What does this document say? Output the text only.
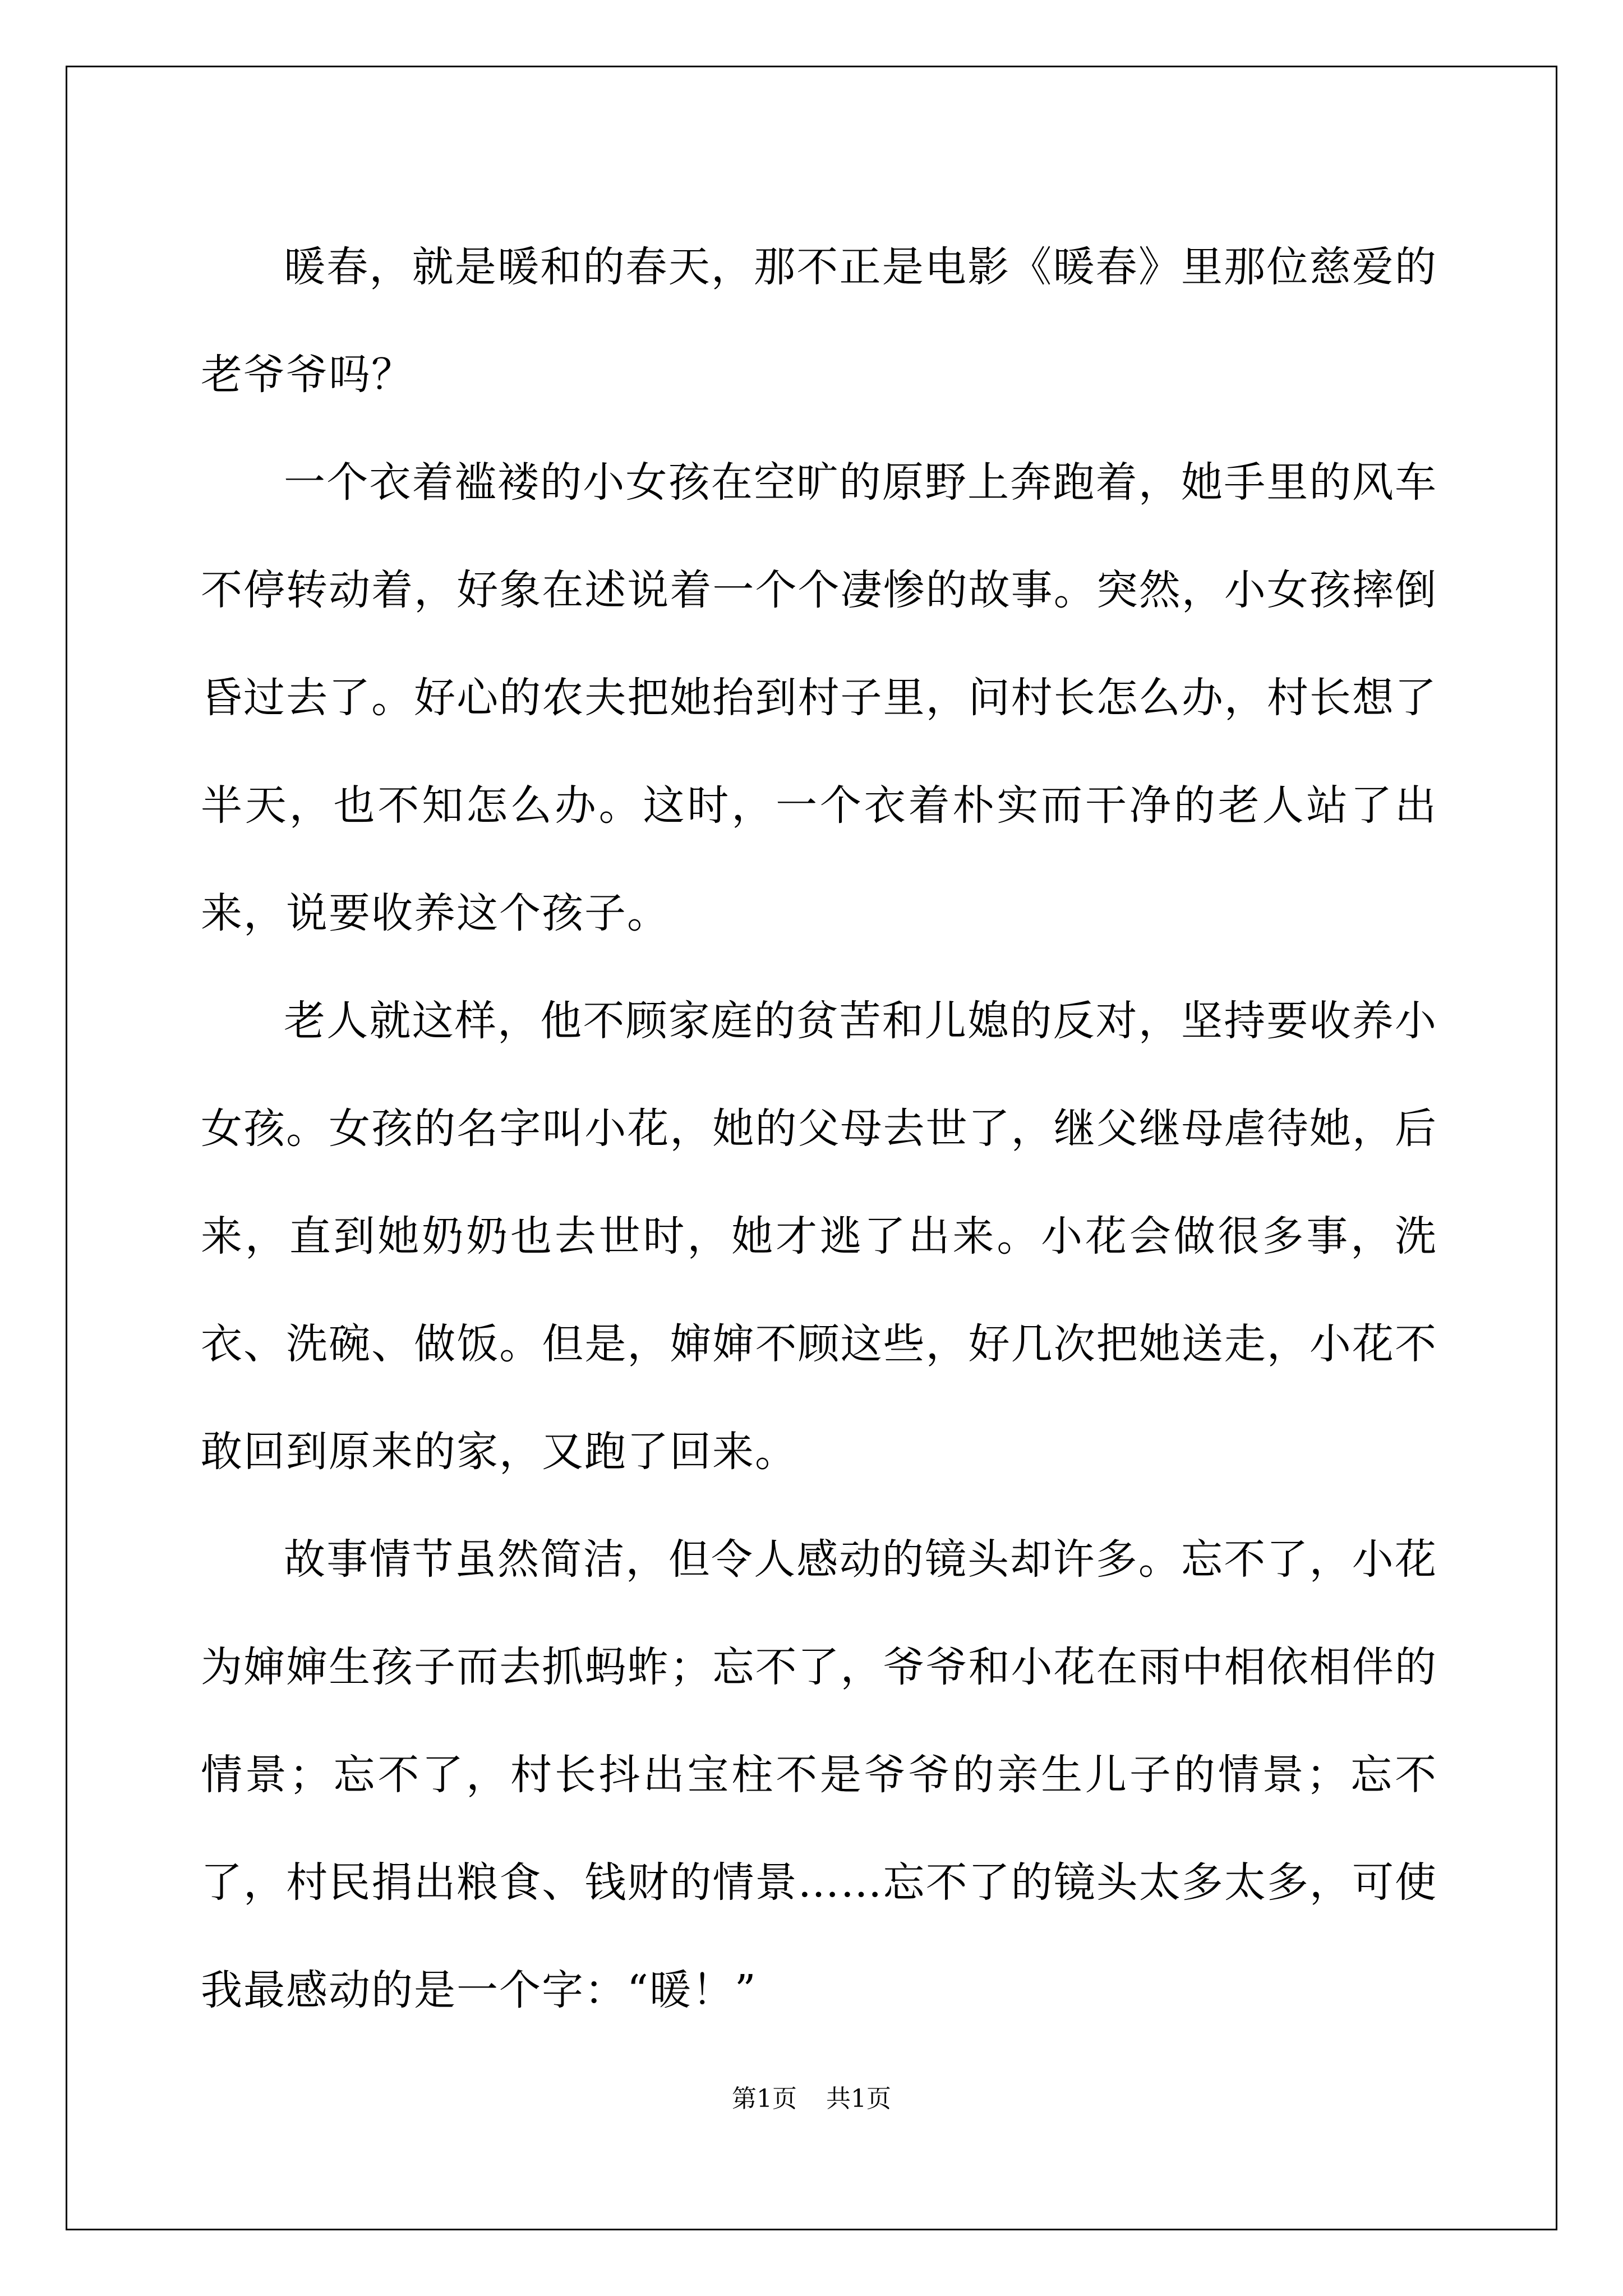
暖春，就是暖和的春天，那不正是电影《暖春》里那位慈爱的老爷爷吗？

一个衣着褴褛的小女孩在空旷的原野上奔跑着，她手里的风车不停转动着，好象在述说着一个个凄惨的故事。突然，小女孩摔倒昏过去了。好心的农夫把她抬到村子里，问村长怎么办，村长想了半天，也不知怎么办。这时，一个衣着朴实而干净的老人站了出来，说要收养这个孩子。

老人就这样，他不顾家庭的贫苦和儿媳的反对，坚持要收养小女孩。女孩的名字叫小花，她的父母去世了，继父继母虐待她，后来，直到她奶奶也去世时，她才逃了出来。小花会做很多事，洗衣、洗碗、做饭。但是，婶婶不顾这些，好几次把她送走，小花不敢回到原来的家，又跑了回来。

故事情节虽然简洁，但令人感动的镜头却许多。忘不了，小花为婶婶生孩子而去抓蚂蚱；忘不了，爷爷和小花在雨中相依相伴的情景；忘不了，村长抖出宝柱不是爷爷的亲生儿子的情景；忘不了，村民捐出粮食、钱财的情景……忘不了的镜头太多太多，可使我最感动的是一个字：“暖！”

第1页 共1页
